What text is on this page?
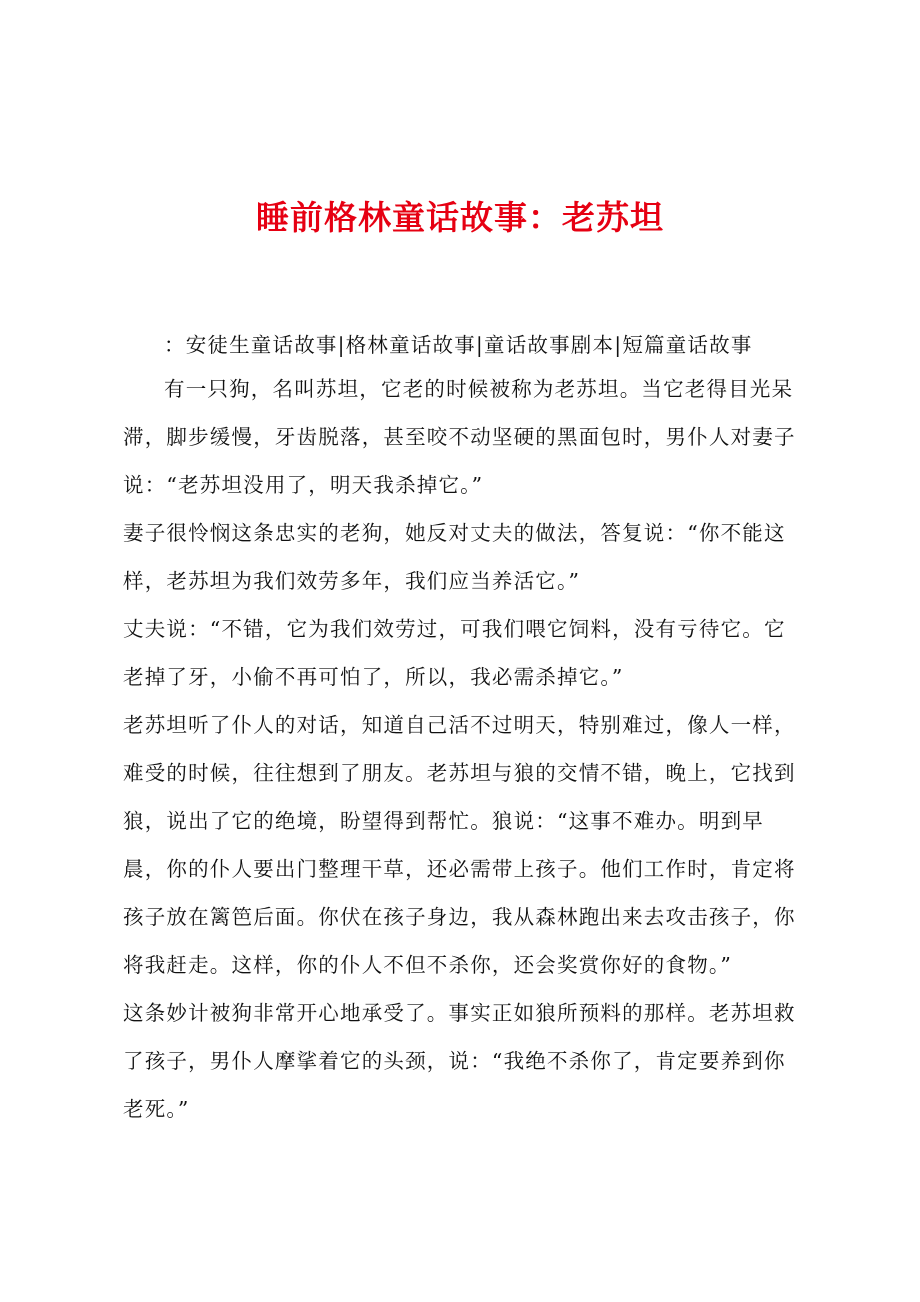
睡前格林童话故事：老苏坦

：安徒生童话故事|格林童话故事|童话故事剧本|短篇童话故事

有一只狗，名叫苏坦，它老的时候被称为老苏坦。当它老得目光呆滞，脚步缓慢，牙齿脱落，甚至咬不动坚硬的黑面包时，男仆人对妻子说：“老苏坦没用了，明天我杀掉它。”

妻子很怜悯这条忠实的老狗，她反对丈夫的做法，答复说：“你不能这样，老苏坦为我们效劳多年，我们应当养活它。”

丈夫说：“不错，它为我们效劳过，可我们喂它饲料，没有亏待它。它老掉了牙，小偷不再可怕了，所以，我必需杀掉它。”

老苏坦听了仆人的对话，知道自己活不过明天，特别难过，像人一样，难受的时候，往往想到了朋友。老苏坦与狼的交情不错，晚上，它找到狼，说出了它的绝境，盼望得到帮忙。狼说：“这事不难办。明到早晨，你的仆人要出门整理干草，还必需带上孩子。他们工作时，肯定将孩子放在篱笆后面。你伏在孩子身边，我从森林跑出来去攻击孩子，你将我赶走。这样，你的仆人不但不杀你，还会奖赏你好的食物。”

这条妙计被狗非常开心地承受了。事实正如狼所预料的那样。老苏坦救了孩子，男仆人摩挲着它的头颈，说：“我绝不杀你了，肯定要养到你老死。”
